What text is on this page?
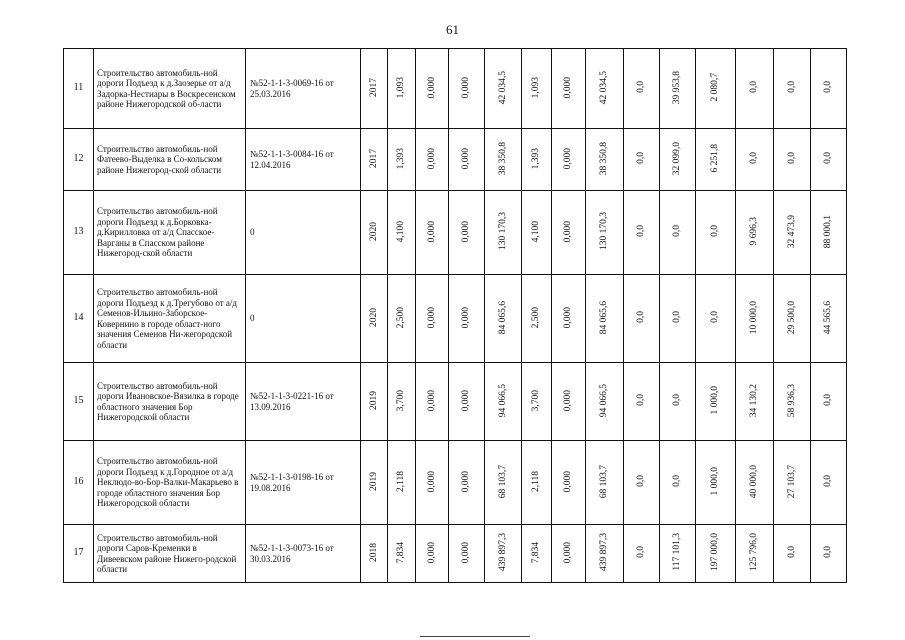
61
11	Строительство автомобиль-ной дороги Подъезд к д.Заозерье от а/д Задорка-Нестиары в Воскресенском районе Нижегородской об-ласти	№52-1-1-3-0069-16 от 25.03.2016	2017	1,093	0,000	0,000	42 034,5	1,093	0,000	42 034,5	0,0	39 953,8	2 080,7	0,0	0,0	0,0
12	Строительство автомобиль-ной Фатеево-Выделка в Со-кольском районе Нижегород-ской области	№52-1-1-3-0084-16 от 12.04.2016	2017	1,393	0,000	0,000	38 350,8	1,393	0,000	38 350,8	0,0	32 099,0	6 251,8	0,0	0,0	0,0
13	Строительство автомобиль-ной дороги Подъезд к д.Борковка-д.Кирилловка от а/д Спасское-Варганы в Спасском районе Нижегород-ской области	0	2020	4,100	0,000	0,000	130 170,3	4,100	0,000	130 170,3	0,0	0,0	0,0	9 696,3	32 473,9	88 000,1
14	Строительство автомобиль-ной дороги Подъезд к д.Трегубово от а/д Семенов-Ильино-Заборское-Ковернино в городе област-ного значения Семенов Ни-жегородской области	0	2020	2,500	0,000	0,000	84 065,6	2,500	0,000	84 065,6	0,0	0,0	0,0	10 000,0	29 500,0	44 565,6
15	Строительство автомобиль-ной дороги Ивановское-Вязилка в городе областного значения Бор Нижегородской области	№52-1-1-3-0221-16 от 13.09.2016	2019	3,700	0,000	0,000	94 066,5	3,700	0,000	94 066,5	0,0	0,0	1 000,0	34 130,2	58 936,3	0,0
16	Строительство автомобиль-ной дороги Подъезд к д.Городное от а/д Неклюдо-во-Бор-Валки-Макарьево в городе областного значения Бор Нижегородской области	№52-1-1-3-0198-16 от 19.08.2016	2019	2,118	0,000	0,000	68 103,7	2,118	0,000	68 103,7	0,0	0,0	1 000,0	40 000,0	27 103,7	0,0
17	Строительство автомобиль-ной дороги Саров-Кременки в Дивеевском районе Нижего-родской области	№52-1-1-3-0073-16 от 30.03.2016	2018	7,834	0,000	0,000	439 897,3	7,834	0,000	439 897,3	0,0	117 101,3	197 000,0	125 796,0	0,0	0,0
